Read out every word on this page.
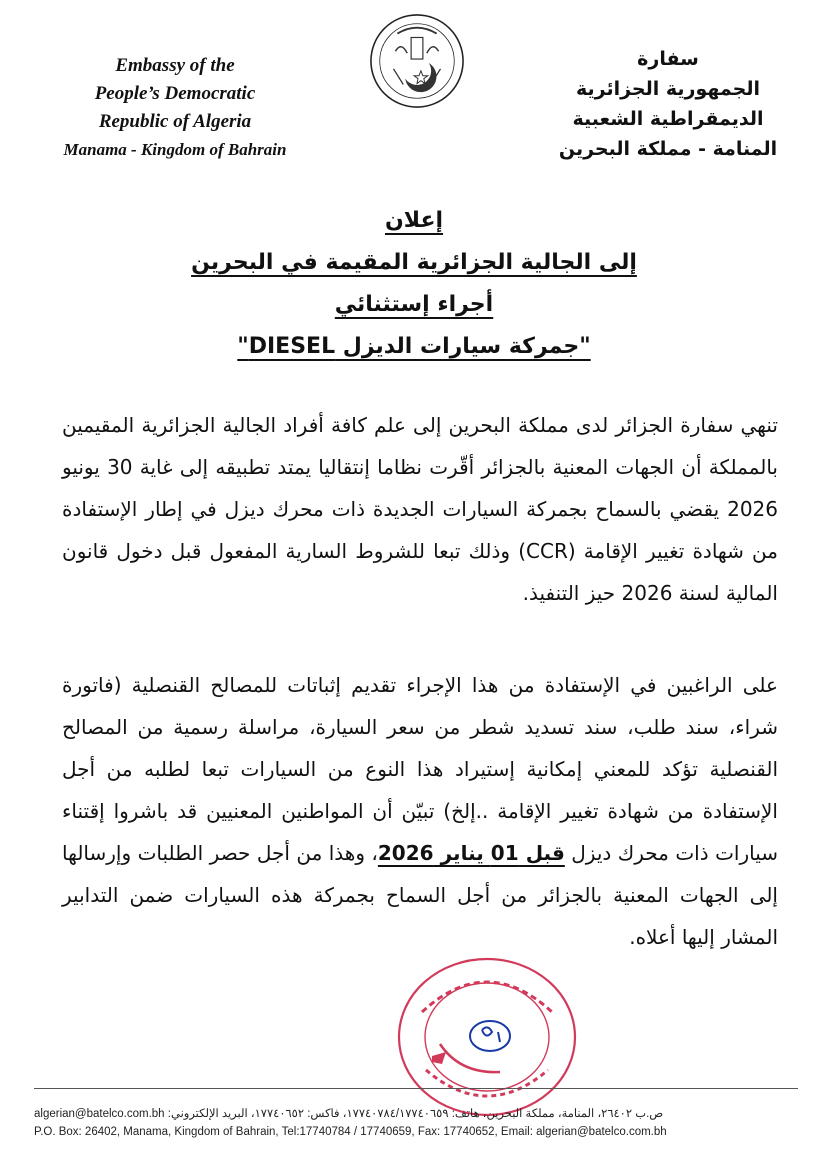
Embassy of the
People’s Democratic
Republic of Algeria
Manama - Kingdom of Bahrain
سفارة
الجمهورية الجزائرية
الديمقراطية الشعبية
المنامة - مملكة البحرين
إعلان
إلى الجالية الجزائرية المقيمة في البحرين
أجراء إستثنائي
"جمركة سيارات الديزل DIESEL"
تنهي سفارة الجزائر لدى مملكة البحرين إلى علم كافة أفراد الجالية الجزائرية المقيمين بالمملكة أن الجهات المعنية بالجزائر أقّرت نظاما إنتقاليا يمتد تطبيقه إلى غاية 30 يونيو 2026 يقضي بالسماح بجمركة السيارات الجديدة ذات محرك ديزل في إطار الإستفادة من شهادة تغيير الإقامة (CCR) وذلك تبعا للشروط السارية المفعول قبل دخول قانون المالية لسنة 2026 حيز التنفيذ.
على الراغبين في الإستفادة من هذا الإجراء تقديم إثباتات للمصالح القنصلية (فاتورة شراء، سند طلب، سند تسديد شطر من سعر السيارة، مراسلة رسمية من المصالح القنصلية تؤكد للمعني إمكانية إستيراد هذا النوع من السيارات تبعا لطلبه من أجل الإستفادة من شهادة تغيير الإقامة ..إلخ) تبيّن أن المواطنين المعنيين قد باشروا إقتناء سيارات ذات محرك ديزل قبل 01 يناير 2026، وهذا من أجل حصر الطلبات وإرسالها إلى الجهات المعنية بالجزائر من أجل السماح بجمركة هذه السيارات ضمن التدابير المشار إليها أعلاه.
ص.ب ٢٦٤٠٢، المنامة، مملكة البحرين، هاتف: ١٧٧٤٠٧٨٤/١٧٧٤٠٦٥٩، فاكس: ١٧٧٤٠٦٥٢، البريد الإلكتروني: algerian@batelco.com.bh
P.O. Box: 26402, Manama, Kingdom of Bahrain, Tel:17740784 / 17740659, Fax: 17740652, Email: algerian@batelco.com.bh
